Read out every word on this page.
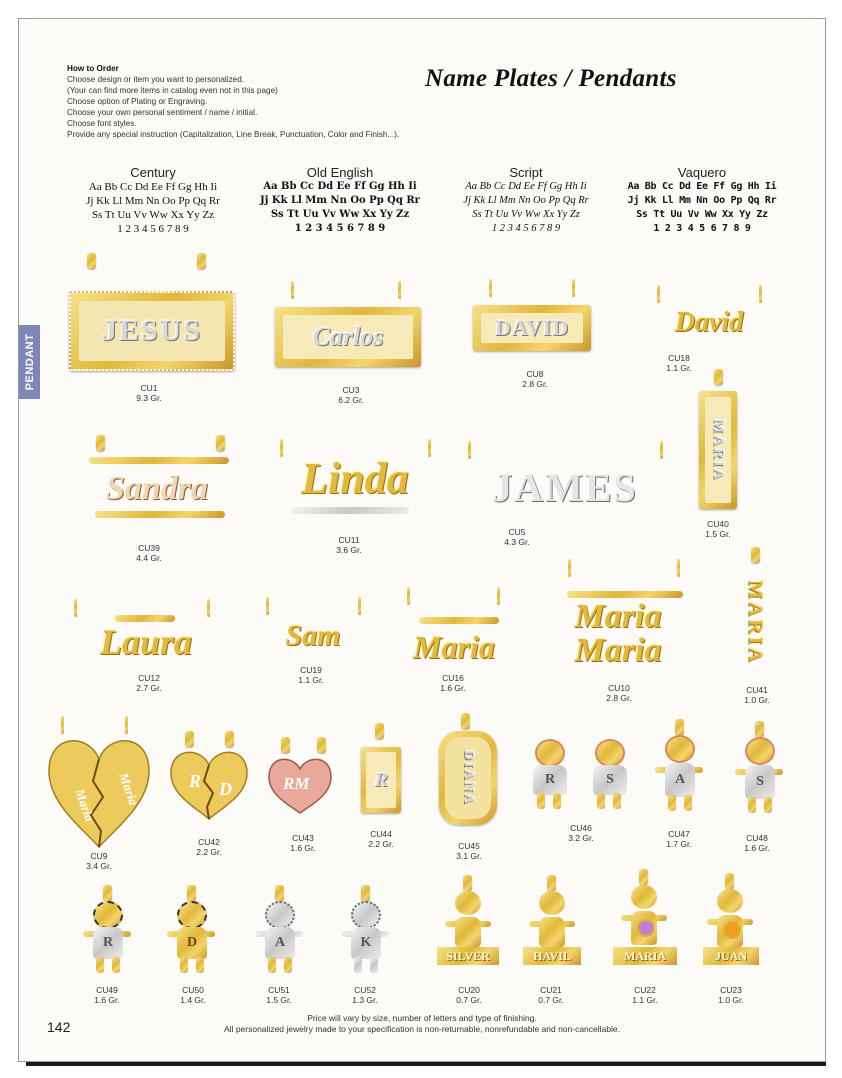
How to Order
Choose design or item you want to personalized.
(Your can find more items in catalog even not in this page)
Choose option of Plating or Engraving.
Choose your own personal sentiment / name / initial.
Choose font styles.
Provide any special instruction (Capitalization, Line Break, Punctuation, Color and Finish...).
Name Plates / Pendants
PENDANT
Century
Aa Bb Cc Dd Ee Ff Gg Hh Ii
Jj Kk Ll Mm Nn Oo Pp Qq Rr
Ss Tt Uu Vv Ww Xx Yy Zz
1 2 3 4 5 6 7 8 9
Old English
Aa Bb Cc Dd Ee Ff Gg Hh Ii
Jj Kk Ll Mm Nn Oo Pp Qq Rr
Ss Tt Uu Vv Ww Xx Yy Zz
1 2 3 4 5 6 7 8 9
Script
Aa Bb Cc Dd Ee Ff Gg Hh Ii
Jj Kk Ll Mm Nn Oo Pp Qq Rr
Ss Tt Uu Vv Ww Xx Yy Zz
1 2 3 4 5 6 7 8 9
Vaquero
Aa Bb Cc Dd Ee Ff Gg Hh Ii
Jj Kk Ll Mm Nn Oo Pp Qq Rr
Ss Tt Uu Vv Ww Xx Yy Zz
1 2 3 4 5 6 7 8 9
JESUS
CU1
9.3 Gr.
Carlos
CU3
6.2 Gr.
DAVID
CU8
2.8 Gr.
David
CU18
1.1 Gr.
MARIA
CU40
1.5 Gr.
Sandra
CU39
4.4 Gr.
Linda
CU11
3.6 Gr.
JAMES
CU5
4.3 Gr.
Laura
CU12
2.7 Gr.
Sam
CU19
1.1 Gr.
Maria
CU16
1.6 Gr.
Maria
Maria
CU10
2.8 Gr.
MARIA
CU41
1.0 Gr.
Maria Maria
CU9
3.4 Gr.
R D
CU42
2.2 Gr.
RM
CU43
1.6 Gr.
R
CU44
2.2 Gr.
DIANA
CU45
3.1 Gr.
R	S
CU46
3.2 Gr.
A
CU47
1.7 Gr.
S
CU48
1.6 Gr.
R
CU49
1.6 Gr.
D
CU50
1.4 Gr.
A
CU51
1.5 Gr.
K
CU52
1.3 Gr.
SILVER
CU20
0.7 Gr.
HAVIL
CU21
0.7 Gr.
MARIA
CU22
1.1 Gr.
JUAN
CU23
1.0 Gr.
Price will vary by size, number of letters and type of finishing.
All personalized jewelry made to your specification is non-returnable, nonrefundable and non-cancellable.
142
